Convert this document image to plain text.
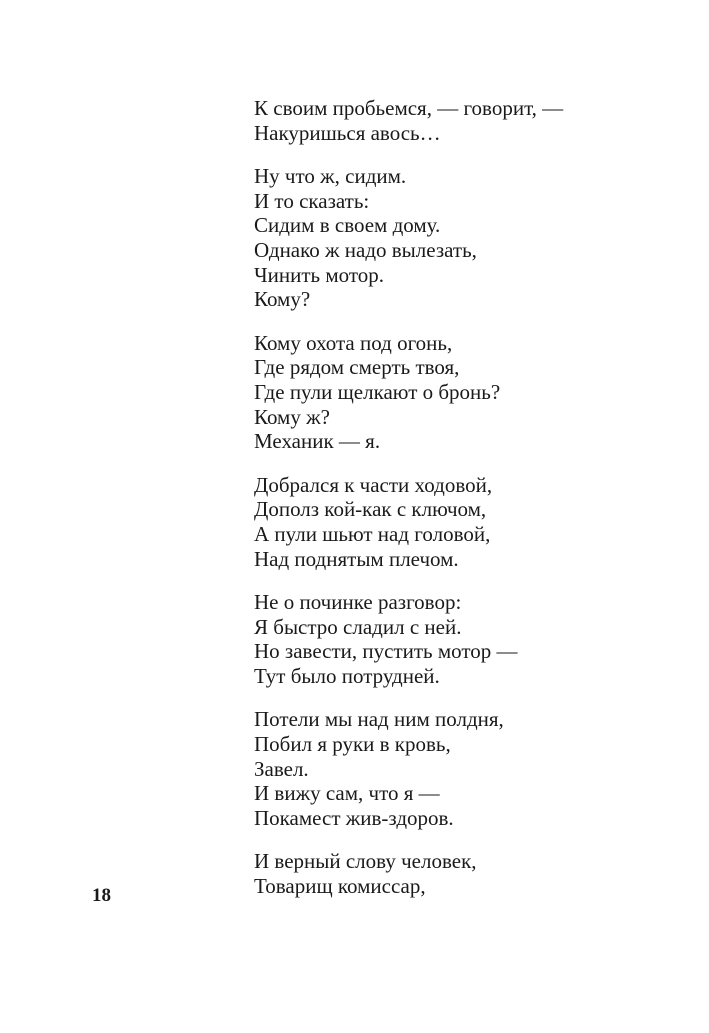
К своим пробьемся, — говорит, —
Накуришься авось…
Ну что ж, сидим.
И то сказать:
Сидим в своем дому.
Однако ж надо вылезать,
Чинить мотор.
Кому?
Кому охота под огонь,
Где рядом смерть твоя,
Где пули щелкают о бронь?
Кому ж?
Механик — я.
Добрался к части ходовой,
Дополз кой-как с ключом,
А пули шьют над головой,
Над поднятым плечом.
Не о починке разговор:
Я быстро сладил с ней.
Но завести, пустить мотор —
Тут было потрудней.
Потели мы над ним полдня,
Побил я руки в кровь,
Завел.
И вижу сам, что я —
Покамест жив-здоров.
И верный слову человек,
Товарищ комиссар,
18
